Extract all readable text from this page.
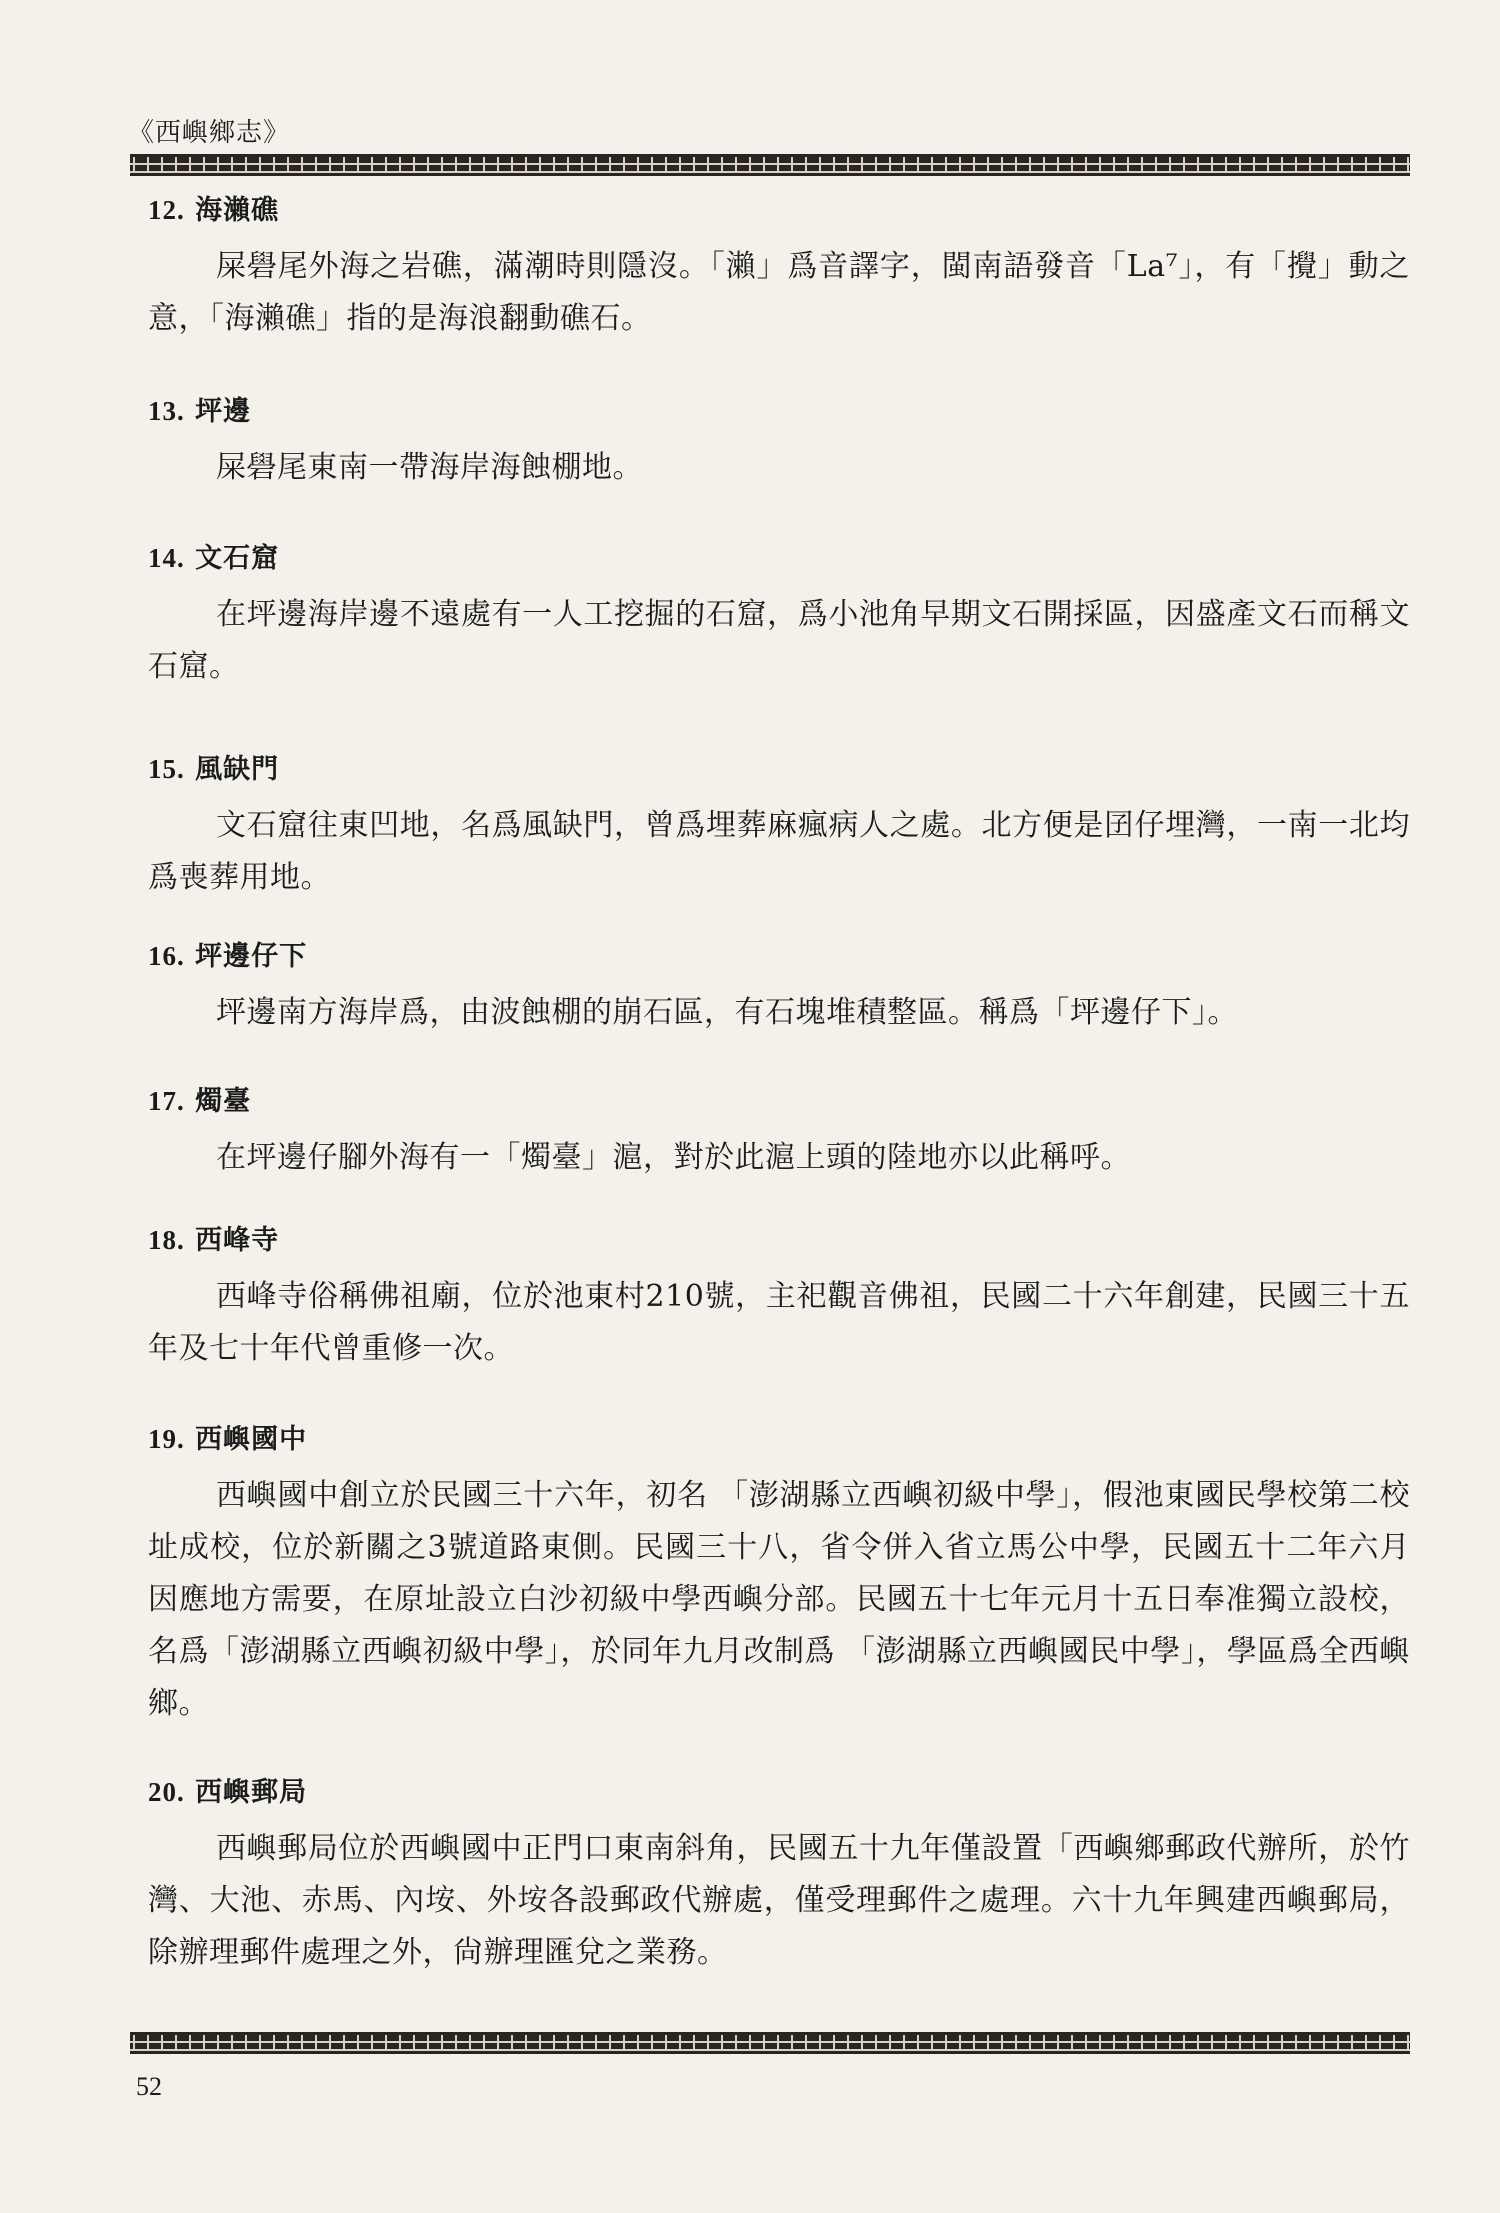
《西嶼鄉志》

12. 海瀨礁

屎礐尾外海之岩礁，滿潮時則隱沒。「瀨」爲音譯字，閩南語發音「La⁷」，有「攪」動之意，「海瀨礁」指的是海浪翻動礁石。

13. 坪邊

屎礐尾東南一帶海岸海蝕棚地。

14. 文石窟

在坪邊海岸邊不遠處有一人工挖掘的石窟，爲小池角早期文石開採區，因盛產文石而稱文石窟。

15. 風缺門

文石窟往東凹地，名爲風缺門，曾爲埋葬麻瘋病人之處。北方便是囝仔埋灣，一南一北均爲喪葬用地。

16. 坪邊仔下

坪邊南方海岸爲，由波蝕棚的崩石區，有石塊堆積整區。稱爲「坪邊仔下」。

17. 燭臺

在坪邊仔腳外海有一「燭臺」滬，對於此滬上頭的陸地亦以此稱呼。

18. 西峰寺

西峰寺俗稱佛祖廟，位於池東村210號，主祀觀音佛祖，民國二十六年創建，民國三十五年及七十年代曾重修一次。

19. 西嶼國中

西嶼國中創立於民國三十六年，初名 「澎湖縣立西嶼初級中學」，假池東國民學校第二校址成校，位於新關之3號道路東側。民國三十八，省令併入省立馬公中學，民國五十二年六月因應地方需要，在原址設立白沙初級中學西嶼分部。民國五十七年元月十五日奉准獨立設校，名爲「澎湖縣立西嶼初級中學」，於同年九月改制爲 「澎湖縣立西嶼國民中學」，學區爲全西嶼鄉。

20. 西嶼郵局

西嶼郵局位於西嶼國中正門口東南斜角，民國五十九年僅設置「西嶼鄉郵政代辦所，於竹灣、大池、赤馬、內垵、外垵各設郵政代辦處，僅受理郵件之處理。六十九年興建西嶼郵局，除辦理郵件處理之外，尙辦理匯兌之業務。

52
